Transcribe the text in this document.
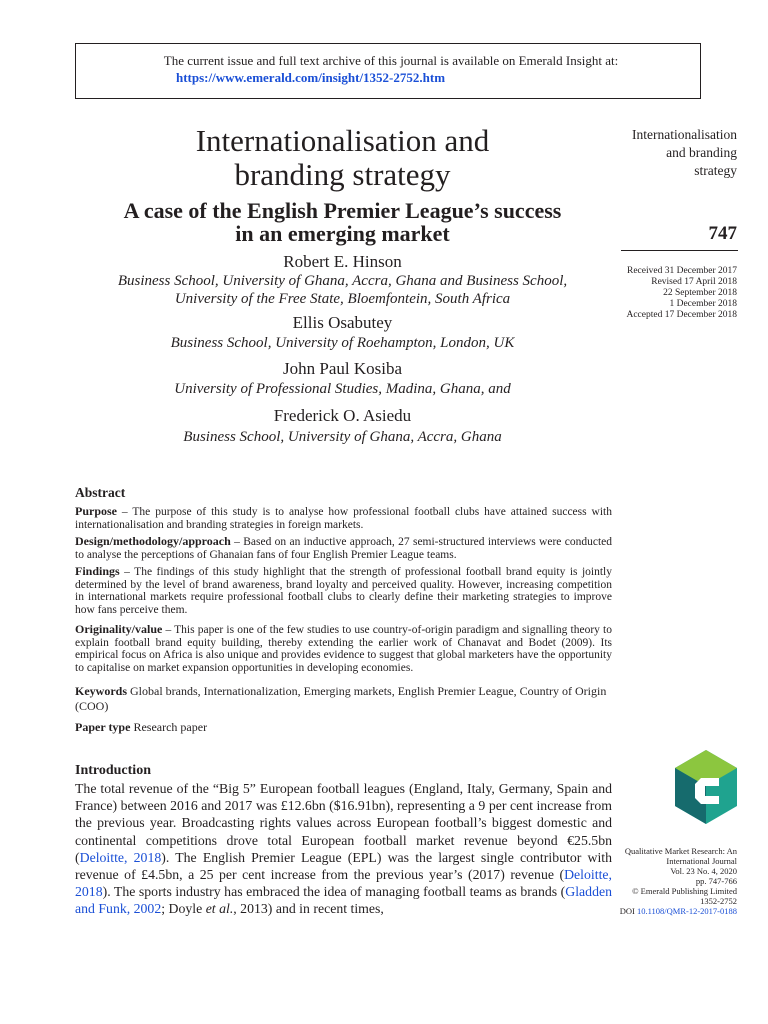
The current issue and full text archive of this journal is available on Emerald Insight at:
https://www.emerald.com/insight/1352-2752.htm
Internationalisation and
branding strategy
A case of the English Premier League’s success
in an emerging market
Robert E. Hinson
Business School, University of Ghana, Accra, Ghana and Business School,
University of the Free State, Bloemfontein, South Africa
Ellis Osabutey
Business School, University of Roehampton, London, UK
John Paul Kosiba
University of Professional Studies, Madina, Ghana, and
Frederick O. Asiedu
Business School, University of Ghana, Accra, Ghana
Internationalisation
and branding
strategy
747
Received 31 December 2017
Revised 17 April 2018
22 September 2018
1 December 2018
Accepted 17 December 2018
Abstract
Purpose – The purpose of this study is to analyse how professional football clubs have attained success with internationalisation and branding strategies in foreign markets.
Design/methodology/approach – Based on an inductive approach, 27 semi-structured interviews were conducted to analyse the perceptions of Ghanaian fans of four English Premier League teams.
Findings – The findings of this study highlight that the strength of professional football brand equity is jointly determined by the level of brand awareness, brand loyalty and perceived quality. However, increasing competition in international markets require professional football clubs to clearly define their marketing strategies to improve how fans perceive them.
Originality/value – This paper is one of the few studies to use country-of-origin paradigm and signalling theory to explain football brand equity building, thereby extending the earlier work of Chanavat and Bodet (2009). Its empirical focus on Africa is also unique and provides evidence to suggest that global marketers have the opportunity to capitalise on market expansion opportunities in developing economies.
Keywords Global brands, Internationalization, Emerging markets, English Premier League, Country of Origin (COO)
Paper type Research paper
Introduction
The total revenue of the “Big 5” European football leagues (England, Italy, Germany, Spain and France) between 2016 and 2017 was £12.6bn ($16.91bn), representing a 9 per cent increase from the previous year. Broadcasting rights values across European football’s biggest domestic and continental competitions drove total European football market revenue beyond €25.5bn (Deloitte, 2018). The English Premier League (EPL) was the largest single contributor with revenue of £4.5bn, a 25 per cent increase from the previous year’s (2017) revenue (Deloitte, 2018). The sports industry has embraced the idea of managing football teams as brands (Gladden and Funk, 2002; Doyle et al., 2013) and in recent times,
Qualitative Market Research: An
International Journal
Vol. 23 No. 4, 2020
pp. 747-766
© Emerald Publishing Limited
1352-2752
DOI 10.1108/QMR-12-2017-0188
